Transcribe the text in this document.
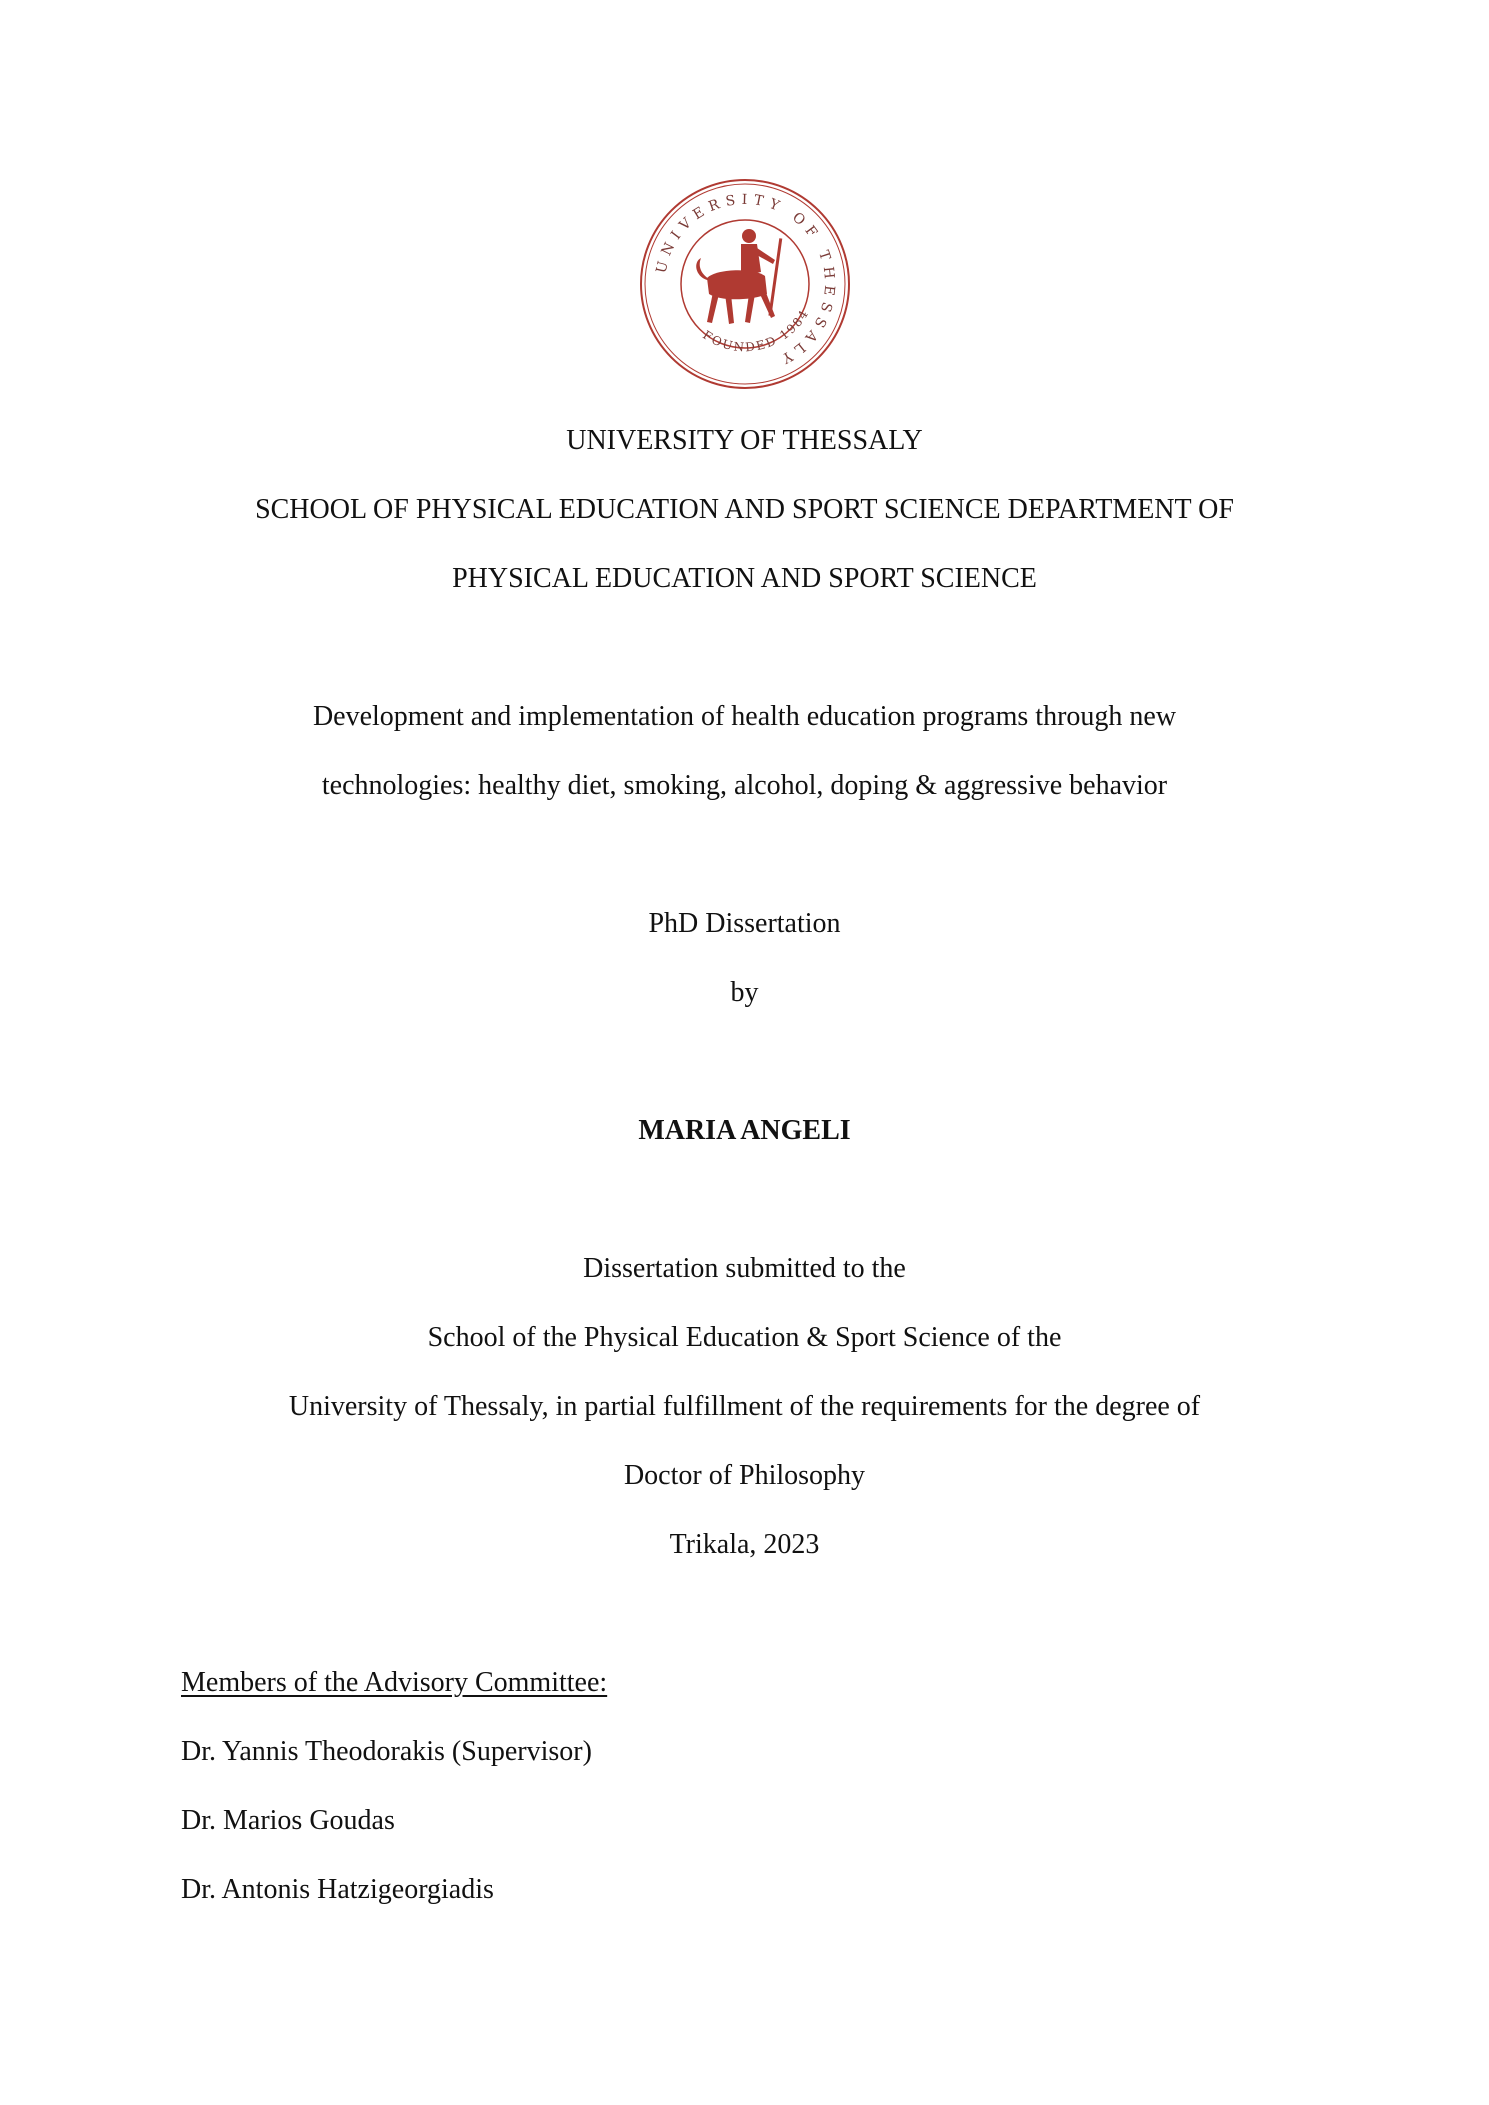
UNIVERSITY OF THESSALY
FOUNDED 1984
UNIVERSITY OF THESSALY
SCHOOL OF PHYSICAL EDUCATION AND SPORT SCIENCE DEPARTMENT OF
PHYSICAL EDUCATION AND SPORT SCIENCE
Development and implementation of health education programs through new
technologies: healthy diet, smoking, alcohol, doping & aggressive behavior
PhD Dissertation
by
MARIA ANGELI
Dissertation submitted to the
School of the Physical Education & Sport Science of the
University of Thessaly, in partial fulfillment of the requirements for the degree of
Doctor of Philosophy
Trikala, 2023
Members of the Advisory Committee:
Dr. Yannis Theodorakis (Supervisor)
Dr. Marios Goudas
Dr. Antonis Hatzigeorgiadis
